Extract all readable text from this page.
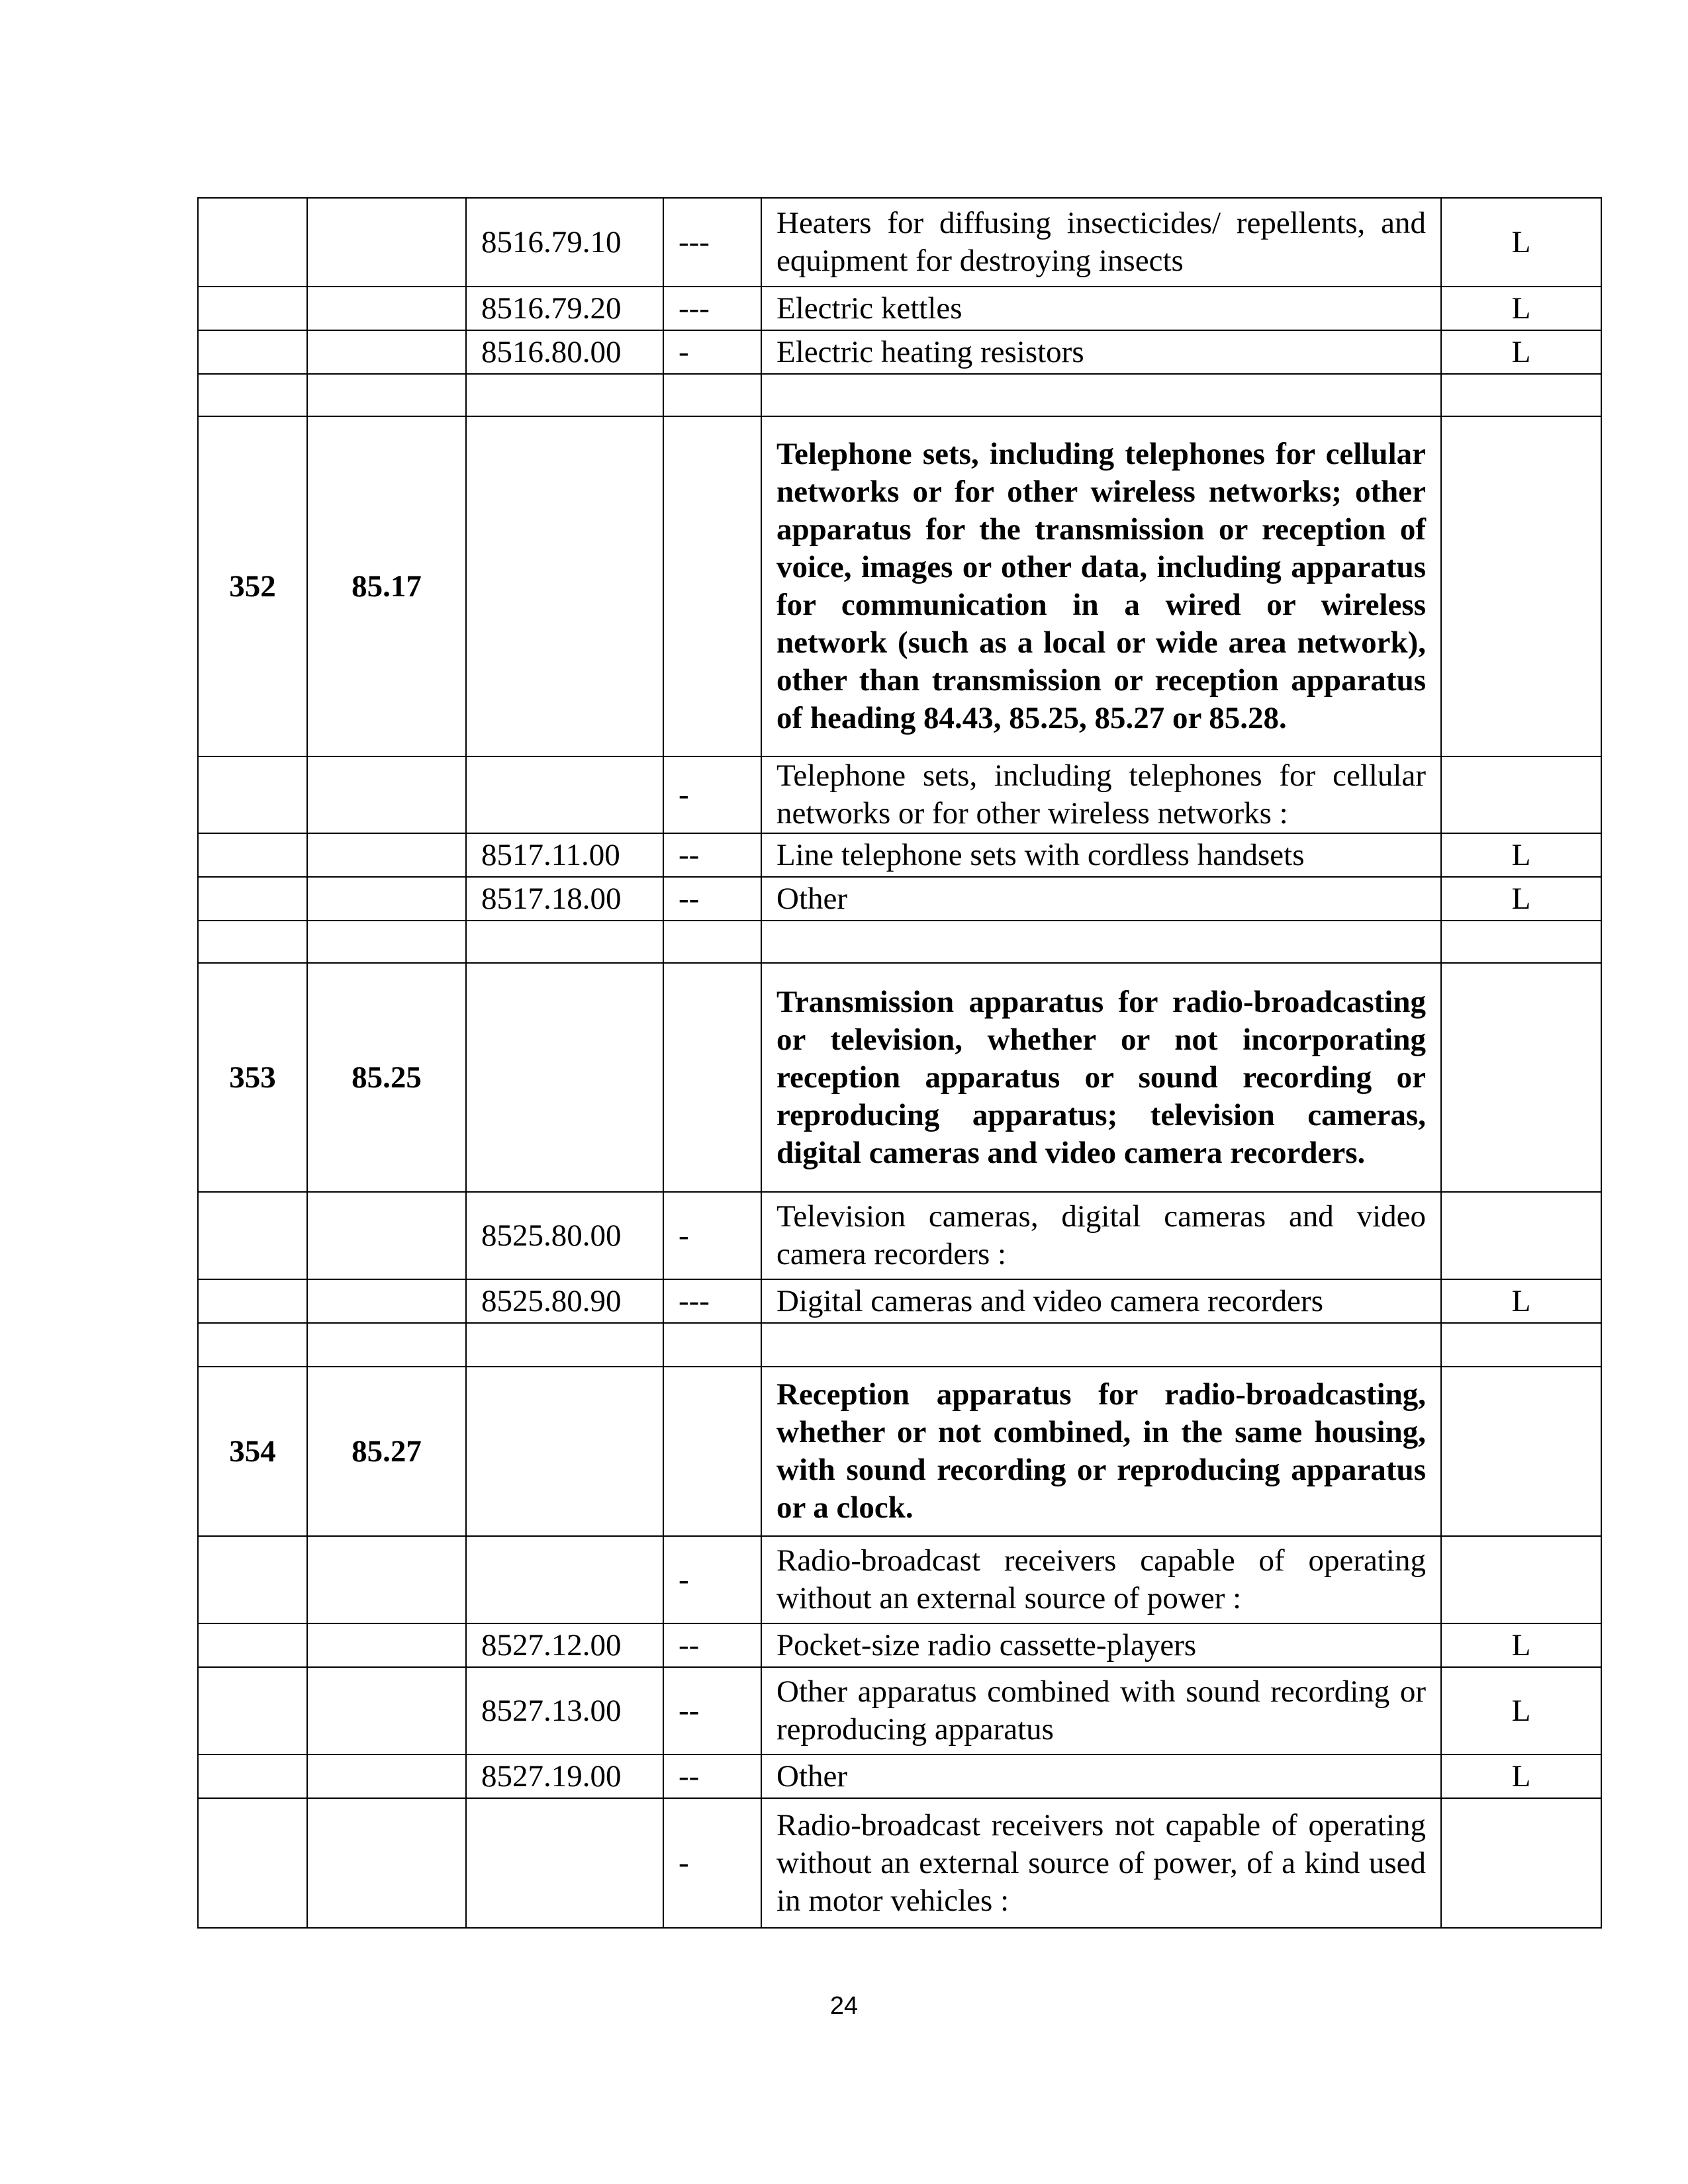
		8516.79.10	---	Heaters for diffusing insecticides/ repellents, and equipment for destroying insects	L
		8516.79.20	---	Electric kettles	L
		8516.80.00	-	Electric heating resistors	L

352	85.17			Telephone sets, including telephones for cellular networks or for other wireless networks; other apparatus for the transmission or reception of voice, images or other data, including apparatus for communication in a wired or wireless network (such as a local or wide area network), other than transmission or reception apparatus of heading 84.43, 85.25, 85.27 or 85.28.	
			-	Telephone sets, including telephones for cellular networks or for other wireless networks :	
		8517.11.00	--	Line telephone sets with cordless handsets	L
		8517.18.00	--	Other	L

353	85.25			Transmission apparatus for radio-broadcasting or television, whether or not incorporating reception apparatus or sound recording or reproducing apparatus; television cameras, digital cameras and video camera recorders.	
		8525.80.00	-	Television cameras, digital cameras and video camera recorders :	
		8525.80.90	---	Digital cameras and video camera recorders	L

354	85.27			Reception apparatus for radio-broadcasting, whether or not combined, in the same housing, with sound recording or reproducing apparatus or a clock.	
			-	Radio-broadcast receivers capable of operating without an external source of power :	
		8527.12.00	--	Pocket-size radio cassette-players	L
		8527.13.00	--	Other apparatus combined with sound recording or reproducing apparatus	L
		8527.19.00	--	Other	L
			-	Radio-broadcast receivers not capable of operating without an external source of power, of a kind used in motor vehicles :	
24
